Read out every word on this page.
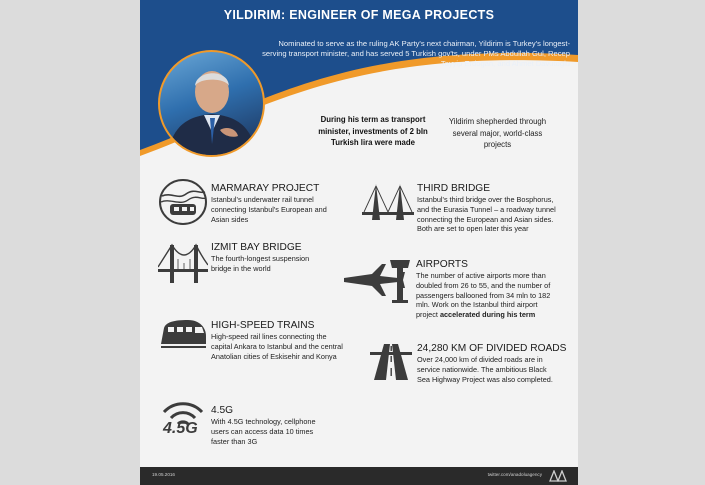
YILDIRIM: ENGINEER OF MEGA PROJECTS
Nominated to serve as the ruling AK Party's next chairman, Yildirim is Turkey's longest-serving transport minister, and has served 5 Turkish gov'ts, under PMs Abdullah Gul, Recep Tayyip Erdogan, and Ahmet Davutoglu
During his term as transport minister, investments of 2 bln Turkish lira were made
Yildirim shepherded through several major, world-class projects
MARMARAY PROJECT
Istanbul's underwater rail tunnel connecting Istanbul's European and Asian sides
IZMIT BAY BRIDGE
The fourth-longest suspension bridge in the world
HIGH-SPEED TRAINS
High-speed rail lines connecting the capital Ankara to Istanbul and the central Anatolian cities of Eskisehir and Konya
4.5G
4.5G
With 4.5G technology, cellphone users can access data 10 times faster than 3G
THIRD BRIDGE
Istanbul's third bridge over the Bosphorus, and the Eurasia Tunnel – a roadway tunnel connecting the European and Asian sides. Both are set to open later this year
AIRPORTS
The number of active airports more than doubled from 26 to 55, and the number of passengers ballooned from 34 mln to 182 mln. Work on the Istanbul third airport project accelerated during his term
24,280 KM OF DIVIDED ROADS
Over 24,000 km of divided roads are in service nationwide. The ambitious Black Sea Highway Project was also completed.
19.05.2016	twitter.com/anadoluagency
